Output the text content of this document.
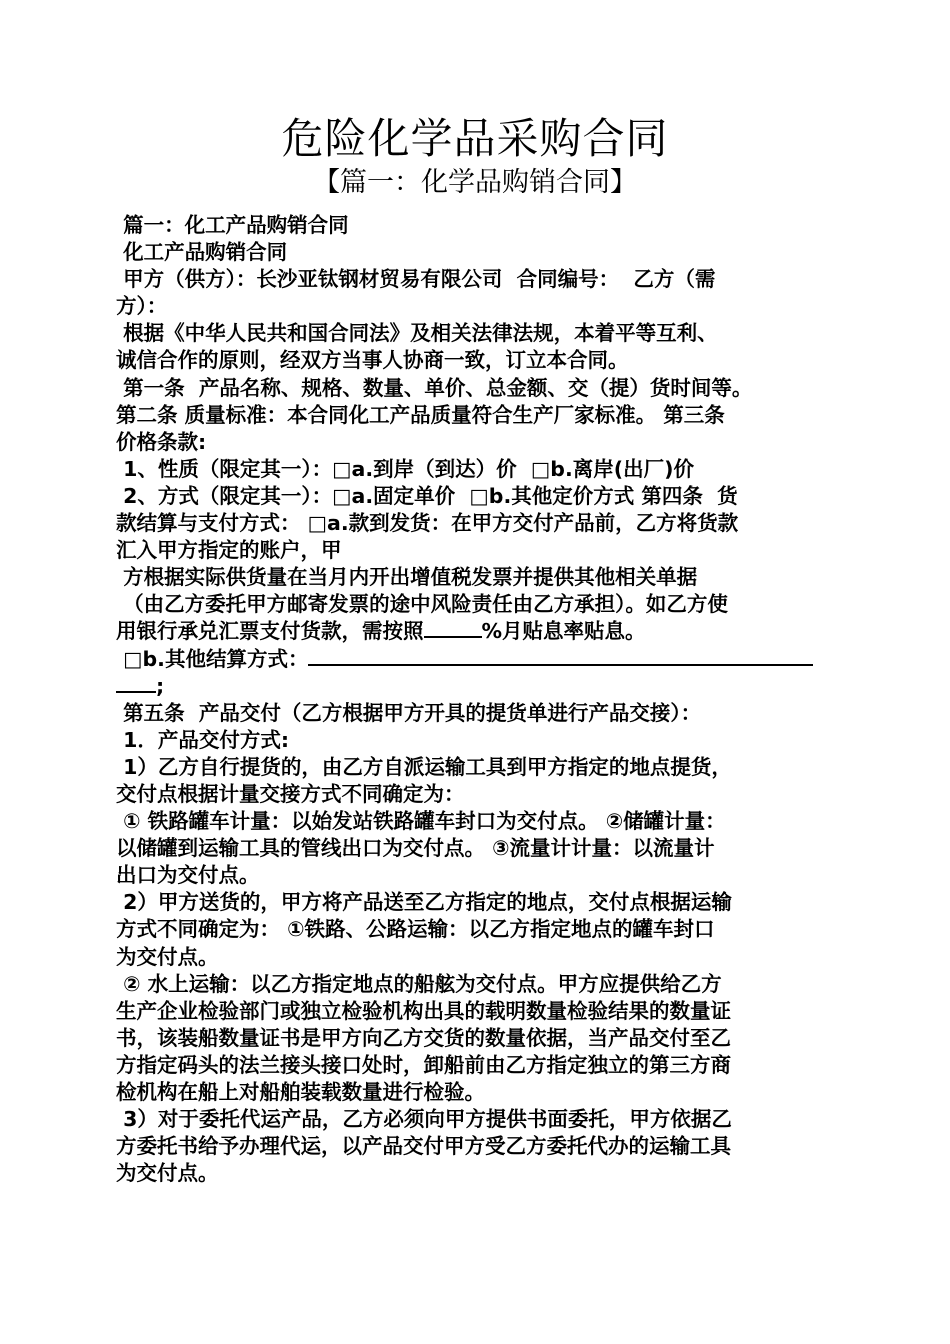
危险化学品采购合同
【篇一：化学品购销合同】
篇一：化工产品购销合同
化工产品购销合同
甲方（供方）：长沙亚钛钢材贸易有限公司  合同编号：  乙方（需
方）：
根据《中华人民共和国合同法》及相关法律法规，本着平等互利、
诚信合作的原则，经双方当事人协商一致，订立本合同。
第一条  产品名称、规格、数量、单价、总金额、交（提）货时间等。
第二条 质量标准：本合同化工产品质量符合生产厂家标准。 第三条
价格条款:
1、性质（限定其一）：□a.到岸（到达）价  □b.离岸(出厂)价
2、方式（限定其一）：□a.固定单价  □b.其他定价方式 第四条  货
款结算与支付方式： □a.款到发货：在甲方交付产品前，乙方将货款
汇入甲方指定的账户，甲
方根据实际供货量在当月内开出增值税发票并提供其他相关单据
（由乙方委托甲方邮寄发票的途中风险责任由乙方承担）。如乙方使
用银行承兑汇票支付货款，需按照	%月贴息率贴息。
□b.其他结算方式：
;
第五条  产品交付（乙方根据甲方开具的提货单进行产品交接）：
1．产品交付方式:
1）乙方自行提货的，由乙方自派运输工具到甲方指定的地点提货，
交付点根据计量交接方式不同确定为：
① 铁路罐车计量：以始发站铁路罐车封口为交付点。 ②储罐计量：
以储罐到运输工具的管线出口为交付点。 ③流量计计量：以流量计
出口为交付点。
2）甲方送货的，甲方将产品送至乙方指定的地点，交付点根据运输
方式不同确定为： ①铁路、公路运输：以乙方指定地点的罐车封口
为交付点。
② 水上运输：以乙方指定地点的船舷为交付点。甲方应提供给乙方
生产企业检验部门或独立检验机构出具的载明数量检验结果的数量证
书，该装船数量证书是甲方向乙方交货的数量依据，当产品交付至乙
方指定码头的法兰接头接口处时，卸船前由乙方指定独立的第三方商
检机构在船上对船舶装载数量进行检验。
3）对于委托代运产品，乙方必须向甲方提供书面委托，甲方依据乙
方委托书给予办理代运，以产品交付甲方受乙方委托代办的运输工具
为交付点。
